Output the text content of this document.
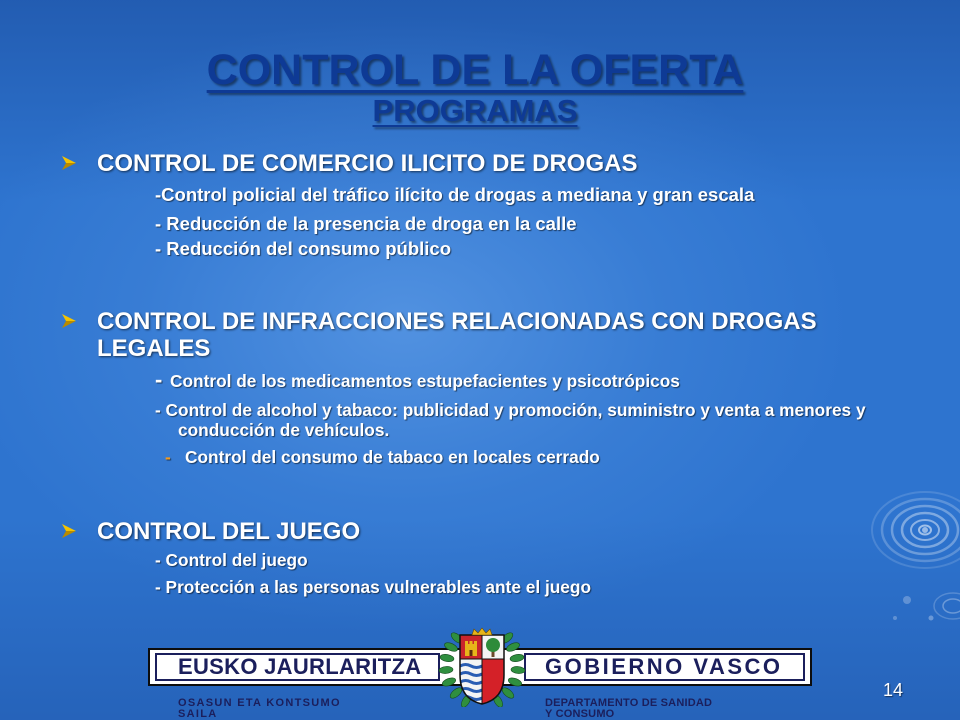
CONTROL DE LA OFERTA
PROGRAMAS
CONTROL DE COMERCIO ILICITO DE DROGAS
-Control policial del tráfico ilícito de drogas a mediana y gran escala
- Reducción de la presencia de droga en la calle
- Reducción del consumo público
CONTROL DE INFRACCIONES RELACIONADAS CON DROGAS LEGALES
- Control de los medicamentos estupefacientes y psicotrópicos
- Control de alcohol y tabaco: publicidad y promoción, suministro y venta a menores y conducción de vehículos.
- Control del consumo de tabaco en locales cerrado
CONTROL DEL JUEGO
- Control del juego
- Protección a las personas vulnerables ante el juego
EUSKO JAURLARITZA	GOBIERNO VASCO
OSASUN ETA KONTSUMO
SAILA
DEPARTAMENTO DE SANIDAD
Y CONSUMO
14
